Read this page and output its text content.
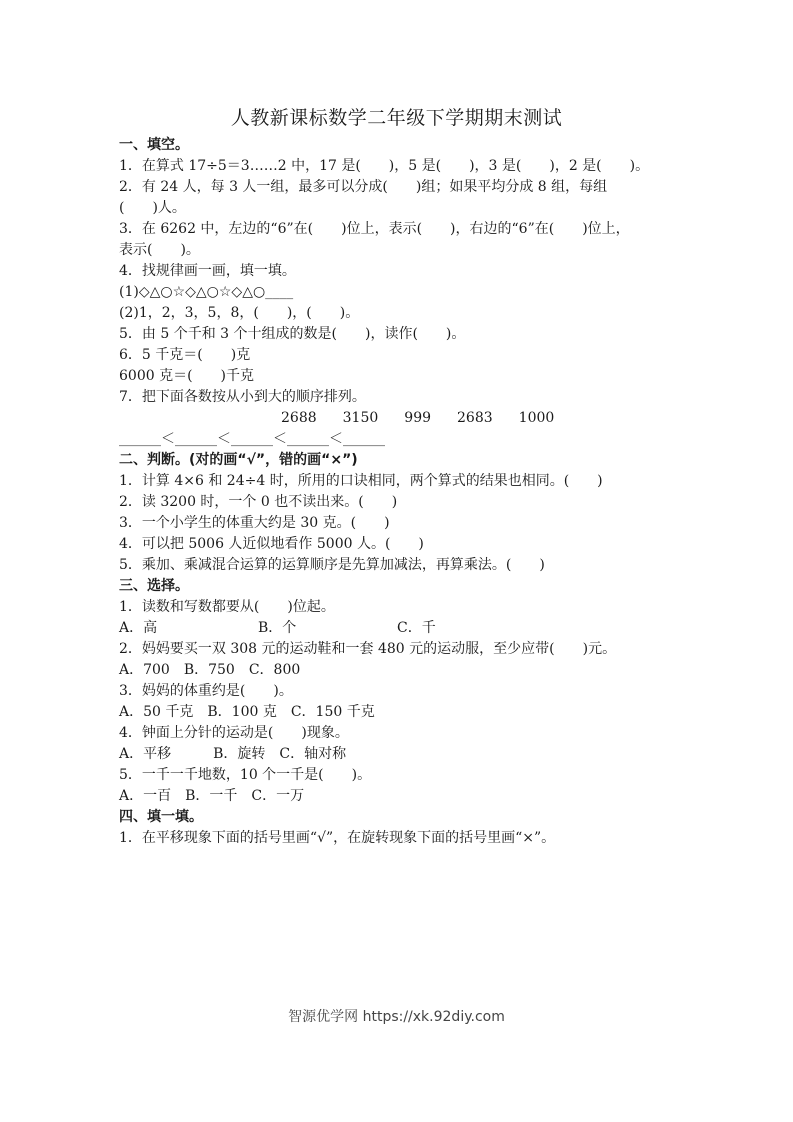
人教新课标数学二年级下学期期末测试
一、填空。
1．在算式 17÷5＝3……2 中，17 是(　　)，5 是(　　)，3 是(　　)，2 是(　　)。
2．有 24 人，每 3 人一组，最多可以分成(　　)组；如果平均分成 8 组，每组
(　　)人。
3．在 6262 中，左边的“6”在(　　)位上，表示(　　)，右边的“6”在(　　)位上，
表示(　　)。
4．找规律画一画，填一填。
(1)◇△○☆◇△○☆◇△○____
(2)1，2，3，5，8，(　　)，(　　)。
5．由 5 个千和 3 个十组成的数是(　　)，读作(　　)。
6．5 千克＝(　　)克
6000 克＝(　　)千克
7．把下面各数按从小到大的顺序排列。
2688 3150 999 2683 1000
______＜______＜______＜______＜______
二、判断。(对的画“√”，错的画“×”)
1．计算 4×6 和 24÷4 时，所用的口诀相同，两个算式的结果也相同。(　　)
2．读 3200 时，一个 0 也不读出来。(　　)
3．一个小学生的体重大约是 30 克。(　　)
4．可以把 5006 人近似地看作 5000 人。(　　)
5．乘加、乘减混合运算的运算顺序是先算加减法，再算乘法。(　　)
三、选择。
1．读数和写数都要从(　　)位起。
A．高	B．个	C．千
2．妈妈要买一双 308 元的运动鞋和一套 480 元的运动服，至少应带(　　)元。
A．700　B．750　C．800
3．妈妈的体重约是(　　)。
A．50 千克　B．100 克　C．150 千克
4．钟面上分针的运动是(　　)现象。
A．平移　　　B．旋转　C．轴对称
5．一千一千地数，10 个一千是(　　)。
A．一百　B．一千　C．一万
四、填一填。
1．在平移现象下面的括号里画“√”，在旋转现象下面的括号里画“×”。
智源优学网 https://xk.92diy.com
